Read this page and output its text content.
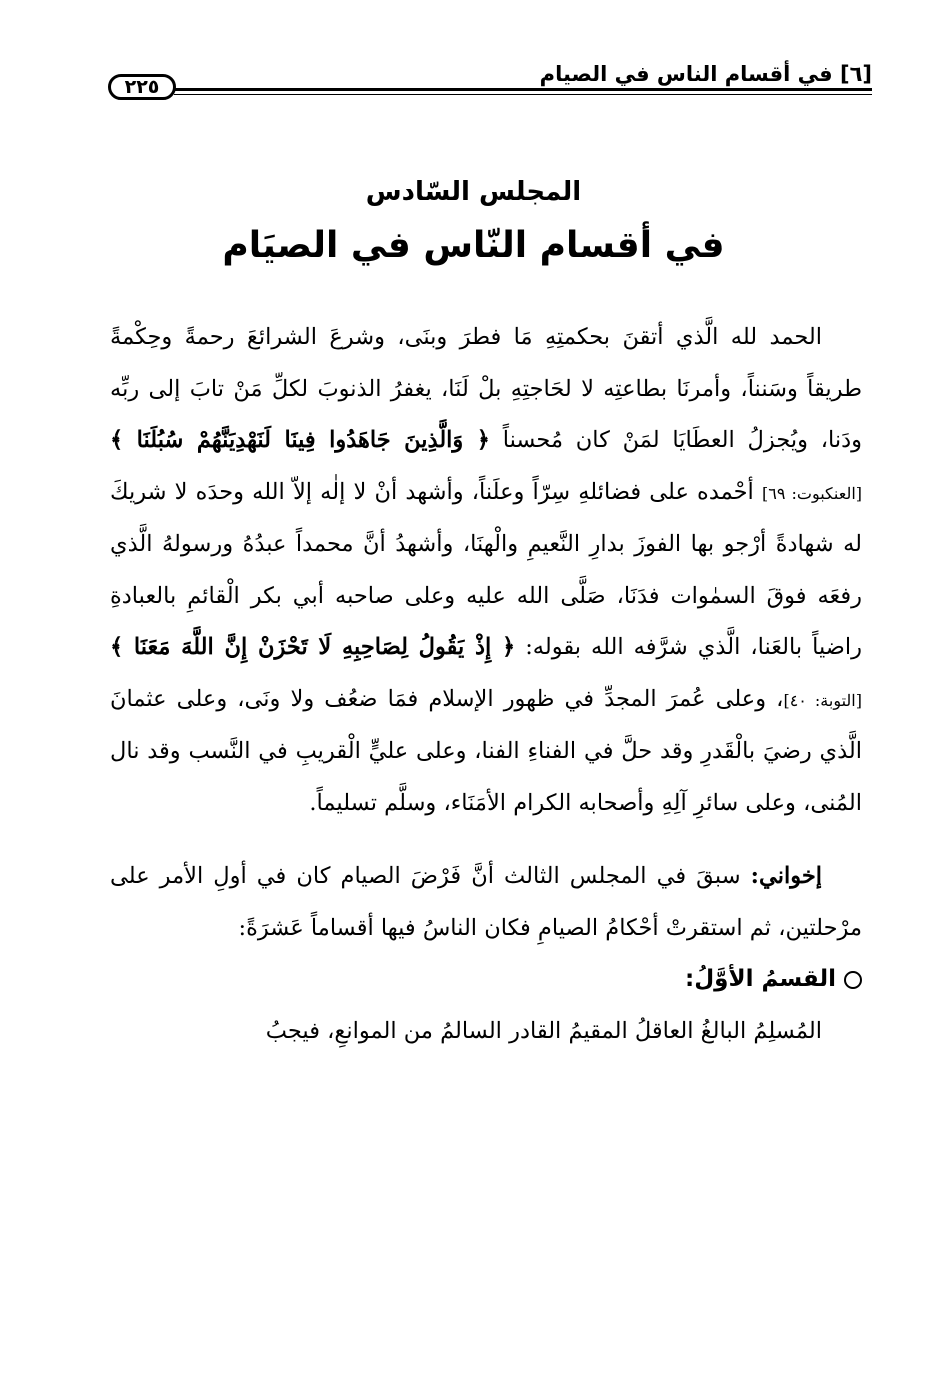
٢٢٥
[٦] في أقسام الناس في الصيام
المجلس السّادس
في أقسام النّاس في الصيَام

الحمد لله الَّذي أتقنَ بحكمتِهِ مَا فطرَ وبنَى، وشرعَ الشرائعَ رحمةً وحِكْمةً طريقاً وسَنناً، وأمرنَا بطاعتِه لا لحَاجتِهِ بلْ لَنَا، يغفرُ الذنوبَ لكلِّ مَنْ تابَ إلى ربِّه ودَنا، ويُجزلُ العطَايَا لمَنْ كان مُحسناً ﴿ وَالَّذِينَ جَاهَدُوا فِينَا لَنَهْدِيَنَّهُمْ سُبُلَنَا ﴾ [العنكبوت: ٦٩] أحْمده على فضائلهِ سِرّاً وعلَناً، وأشهد أنْ لا إلٰه إلاّ الله وحدَه لا شريكَ له شهادةً أرْجو بها الفوزَ بدارِ النَّعيمِ والْهنَا، وأشهدُ أنَّ محمداً عبدُهُ ورسولهُ الَّذي رفعَه فوقَ السمٰوات فدَنَا، صَلَّى الله عليه وعلى صاحبه أبي بكر الْقائمِ بالعبادةِ راضياً بالعَنا، الَّذي شرَّفه الله بقوله: ﴿ إِذْ يَقُولُ لِصَاحِبِهِ لَا تَحْزَنْ إِنَّ اللَّهَ مَعَنَا ﴾ [التوبة: ٤٠]، وعلى عُمرَ المجدِّ في ظهور الإسلام فمَا ضعُف ولا ونَى، وعلى عثمانَ الَّذي رضيَ بالْقَدرِ وقد حلَّ في الفناءِ الفنا، وعلى عليٍّ الْقريبِ في النَّسب وقد نال المُنى، وعلى سائرِ آلِهِ وأصحابه الكرام الأمَنَاء، وسلَّم تسليماً.

إخواني: سبقَ في المجلس الثالث أنَّ فَرْضَ الصيام كان في أولِ الأمر على مرْحلتين، ثم استقرتْ أحْكامُ الصيامِ فكان الناسُ فيها أقساماً عَشرَةً:

القسمُ الأوَّلُ:

المُسلِمُ البالغُ العاقلُ المقيمُ القادر السالمُ من الموانعِ، فيجبُ
